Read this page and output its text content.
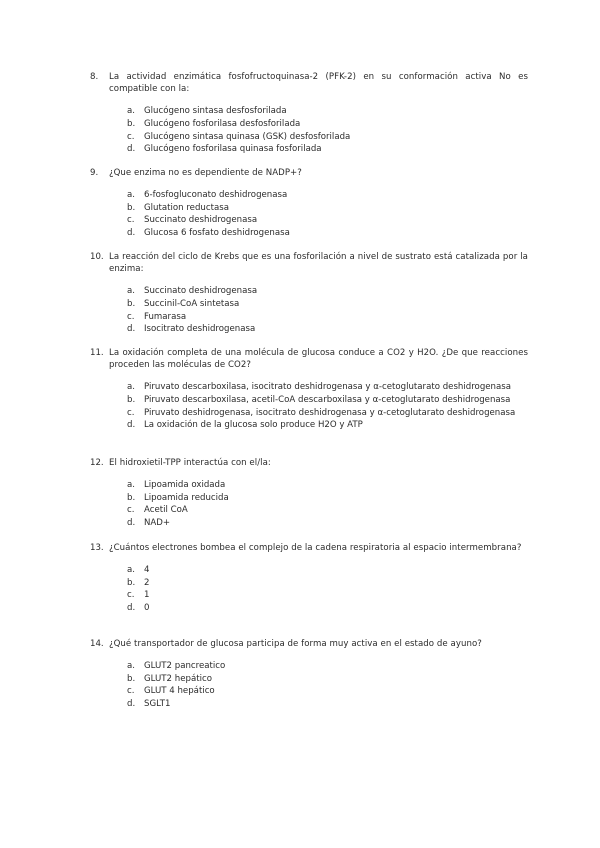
8.	La actividad enzimática fosfofructoquinasa-2 (PFK-2) en su conformación activa No es compatible con la:
a. Glucógeno sintasa desfosforilada
b. Glucógeno fosforilasa desfosforilada
c. Glucógeno sintasa quinasa (GSK) desfosforilada
d. Glucógeno fosforilasa quinasa fosforilada
9.	¿Que enzima no es dependiente de NADP+?
a. 6-fosfogluconato deshidrogenasa
b. Glutation reductasa
c. Succinato deshidrogenasa
d. Glucosa 6 fosfato deshidrogenasa
10. La reacción del ciclo de Krebs que es una fosforilación a nivel de sustrato está catalizada por la enzima:
a. Succinato deshidrogenasa
b. Succinil-CoA sintetasa
c. Fumarasa
d. Isocitrato deshidrogenasa
11. La oxidación completa de una molécula de glucosa conduce a CO2 y H2O. ¿De que reacciones proceden las moléculas de CO2?
a. Piruvato descarboxilasa, isocitrato deshidrogenasa y α-cetoglutarato deshidrogenasa
b. Piruvato descarboxilasa, acetil-CoA descarboxilasa y α-cetoglutarato deshidrogenasa
c. Piruvato deshidrogenasa, isocitrato deshidrogenasa y α-cetoglutarato deshidrogenasa
d. La oxidación de la glucosa solo produce H2O y ATP
12. El hidroxietil-TPP interactúa con el/la:
a. Lipoamida oxidada
b. Lipoamida reducida
c. Acetil CoA
d. NAD+
13. ¿Cuántos electrones bombea el complejo de la cadena respiratoria al espacio intermembrana?
a. 4
b. 2
c. 1
d. 0
14. ¿Qué transportador de glucosa participa de forma muy activa en el estado de ayuno?
a. GLUT2 pancreatico
b. GLUT2 hepático
c. GLUT 4 hepático
d. SGLT1
